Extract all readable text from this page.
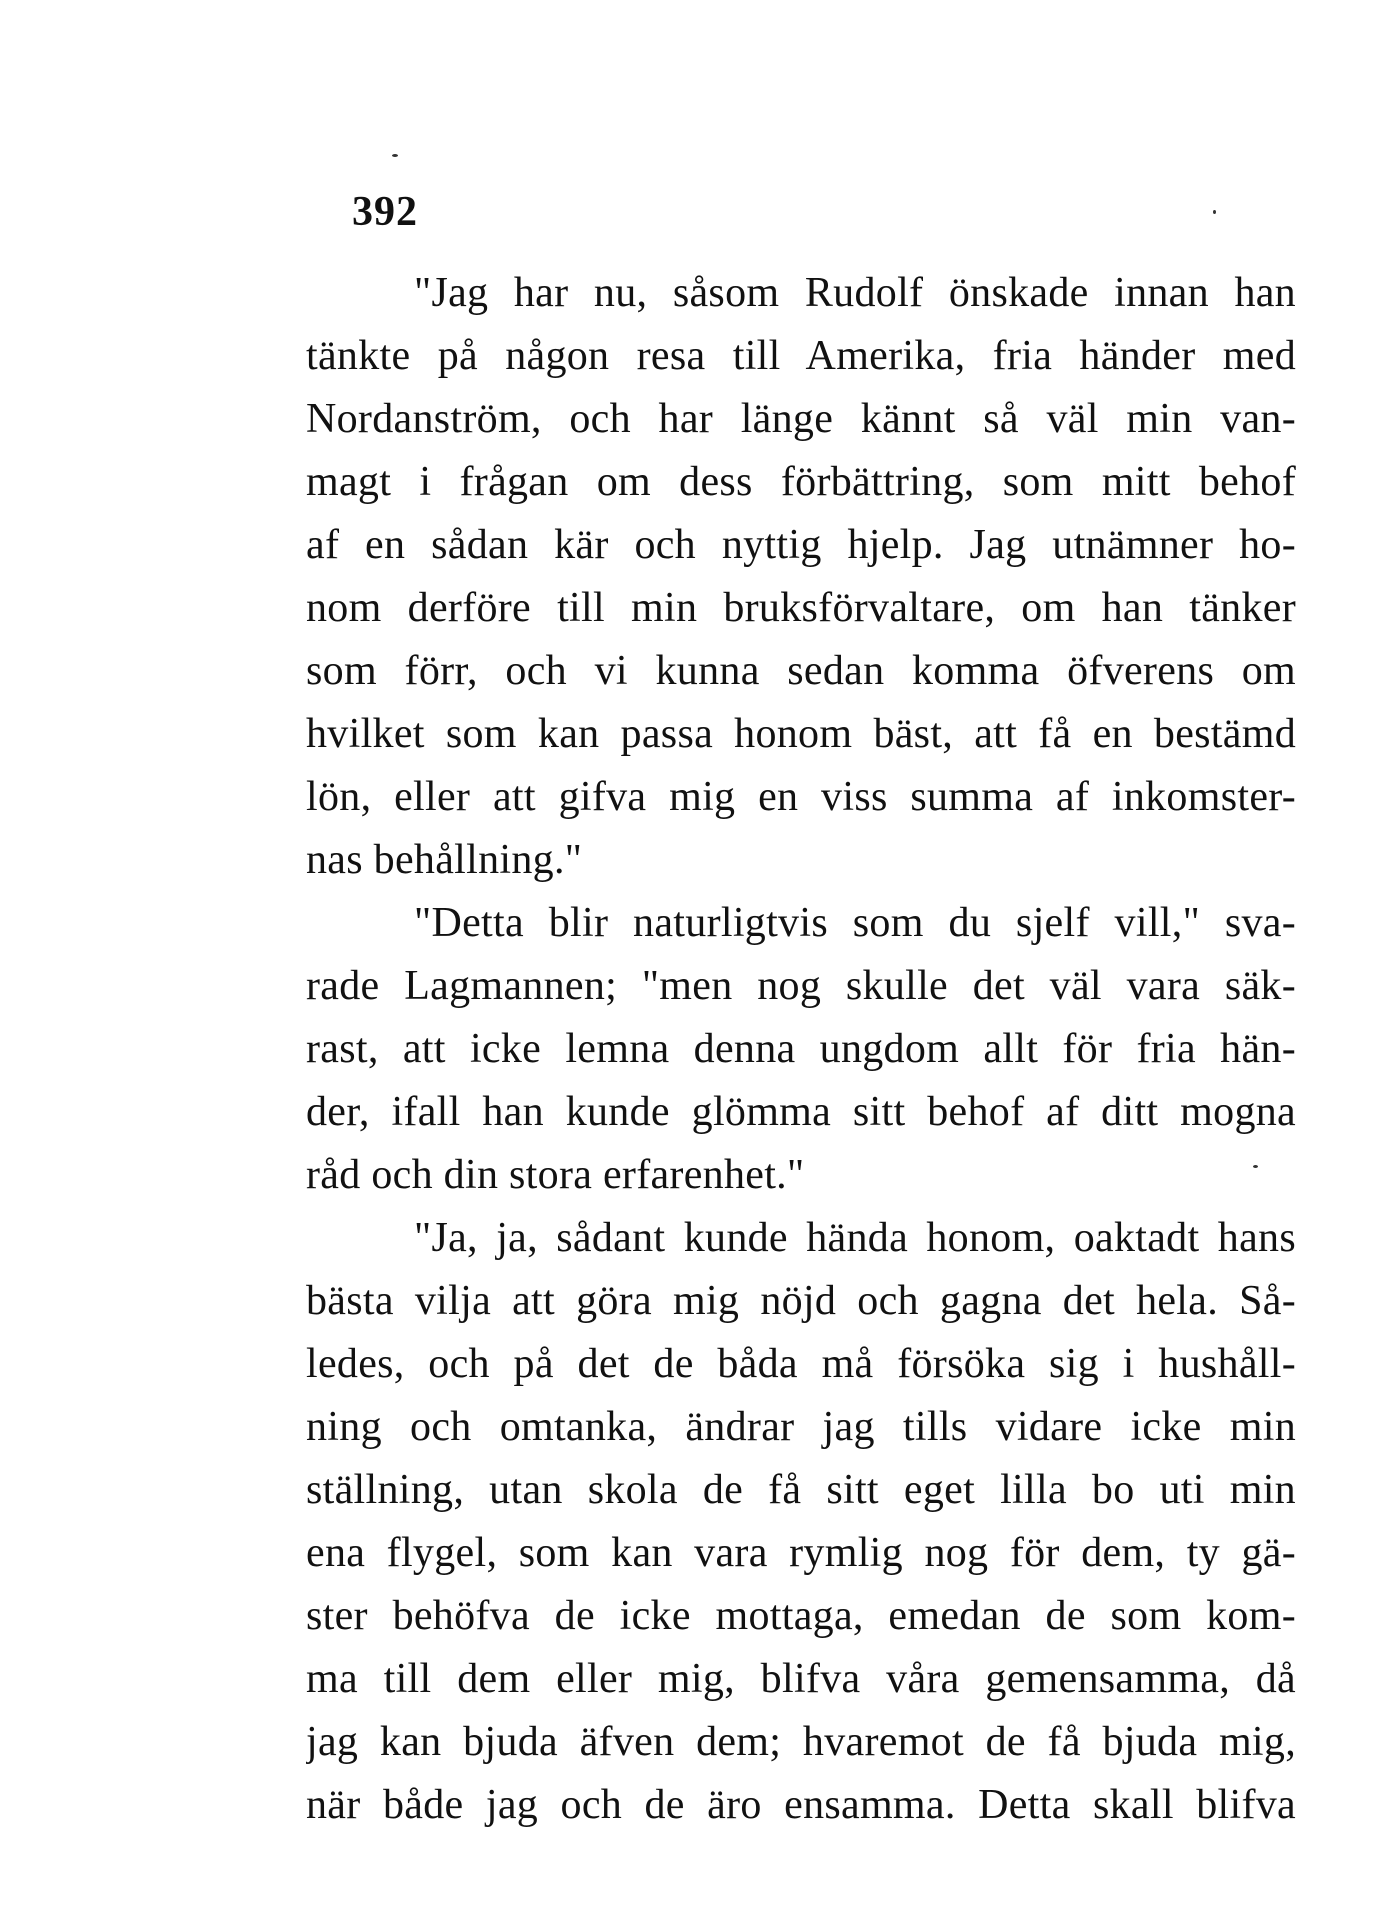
392
"Jag har nu, såsom Rudolf önskade innan han
tänkte på någon resa till Amerika, fria händer med
Nordanström, och har länge kännt så väl min van-
magt i frågan om dess förbättring, som mitt behof
af en sådan kär och nyttig hjelp. Jag utnämner ho-
nom derföre till min bruksförvaltare, om han tänker
som förr, och vi kunna sedan komma öfverens om
hvilket som kan passa honom bäst, att få en bestämd
lön, eller att gifva mig en viss summa af inkomster-
nas behållning."
"Detta blir naturligtvis som du sjelf vill," sva-
rade Lagmannen; "men nog skulle det väl vara säk-
rast, att icke lemna denna ungdom allt för fria hän-
der, ifall han kunde glömma sitt behof af ditt mogna
råd och din stora erfarenhet."
"Ja, ja, sådant kunde hända honom, oaktadt hans
bästa vilja att göra mig nöjd och gagna det hela. Så-
ledes, och på det de båda må försöka sig i hushåll-
ning och omtanka, ändrar jag tills vidare icke min
ställning, utan skola de få sitt eget lilla bo uti min
ena flygel, som kan vara rymlig nog för dem, ty gä-
ster behöfva de icke mottaga, emedan de som kom-
ma till dem eller mig, blifva våra gemensamma, då
jag kan bjuda äfven dem; hvaremot de få bjuda mig,
när både jag och de äro ensamma. Detta skall blifva
